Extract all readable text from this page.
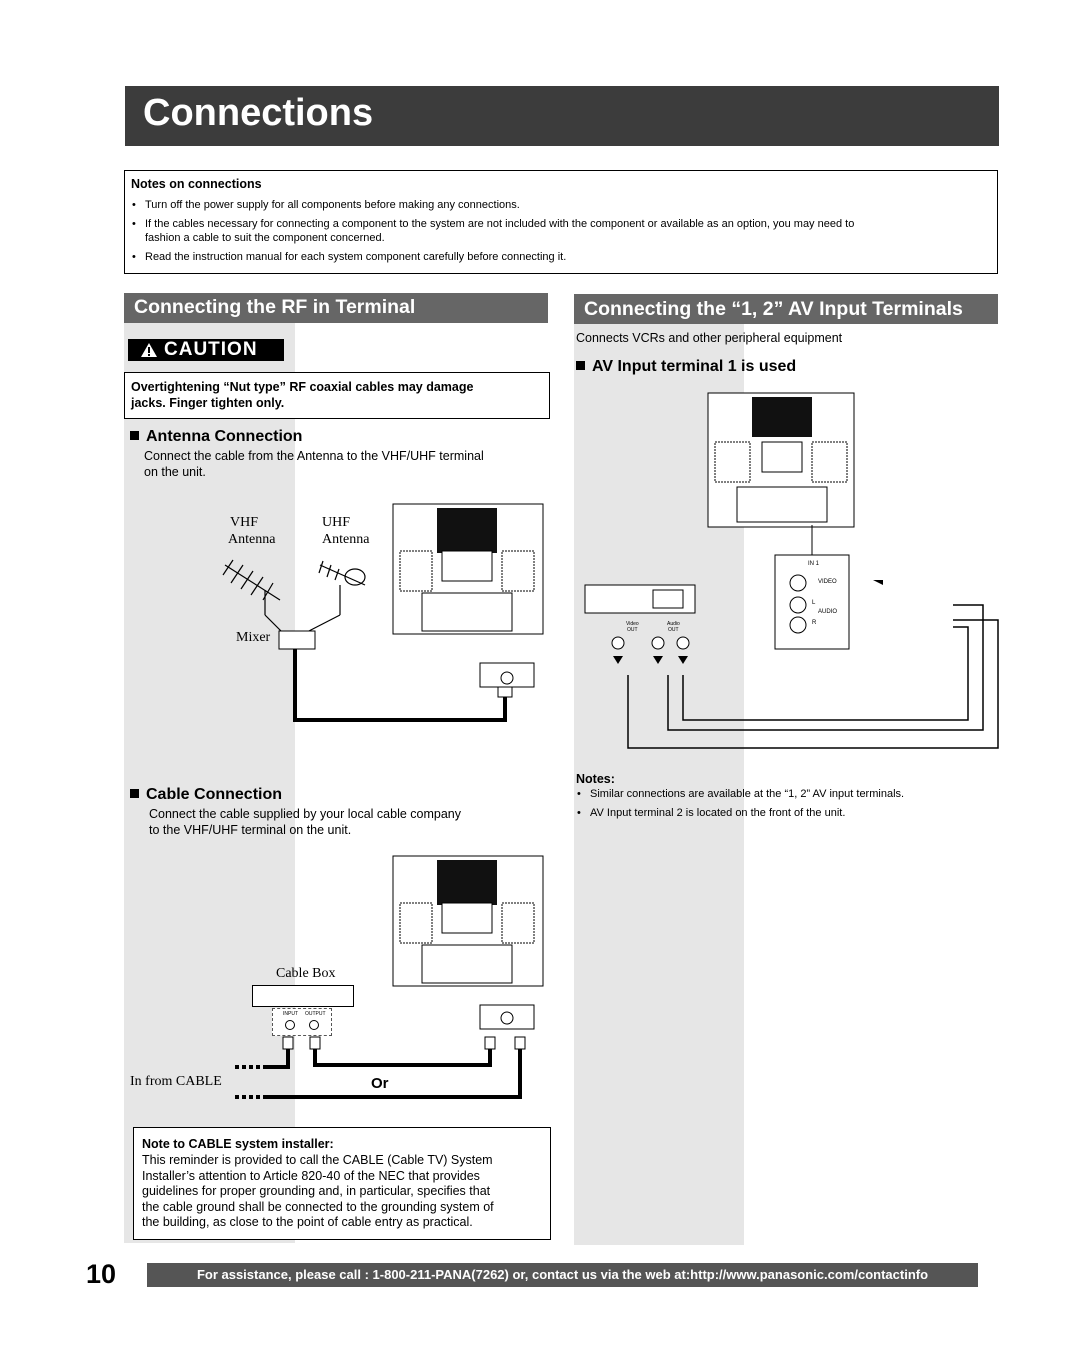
Connections
Notes on connections
• Turn off the power supply for all components before making any connections.
• If the cables necessary for connecting a component to the system are not included with the component or available as an option, you may need to
fashion a cable to suit the component concerned.
• Read the instruction manual for each system component carefully before connecting it.
Connecting the RF in Terminal	Connecting the “1, 2” AV Input Terminals
CAUTION
Overtightening “Nut type” RF coaxial cables may damage
jacks. Finger tighten only.
Antenna Connection
Connect the cable from the Antenna to the VHF/UHF terminal
on the unit.
VHF
Antenna
UHF
Antenna
Mixer
Cable Connection
Connect the cable supplied by your local cable company
to the VHF/UHF terminal on the unit.
Cable Box
INPUT OUTPUT
In from CABLE	Or
Note to CABLE system installer:
This reminder is provided to call the CABLE (Cable TV) System
Installer’s attention to Article 820-40 of the NEC that provides
guidelines for proper grounding and, in particular, specifies that
the cable ground shall be connected to the grounding system of
the building, as close to the point of cable entry as practical.
Connects VCRs and other peripheral equipment
AV Input terminal 1 is used
IN 1
VIDEO
AUDIO
L
R
Video	Audio
OUT	OUT
Notes:
• Similar connections are available at the “1, 2” AV input terminals.
• AV Input terminal 2 is located on the front of the unit.
10	For assistance, please call : 1-800-211-PANA(7262) or, contact us via the web at:http://www.panasonic.com/contactinfo
